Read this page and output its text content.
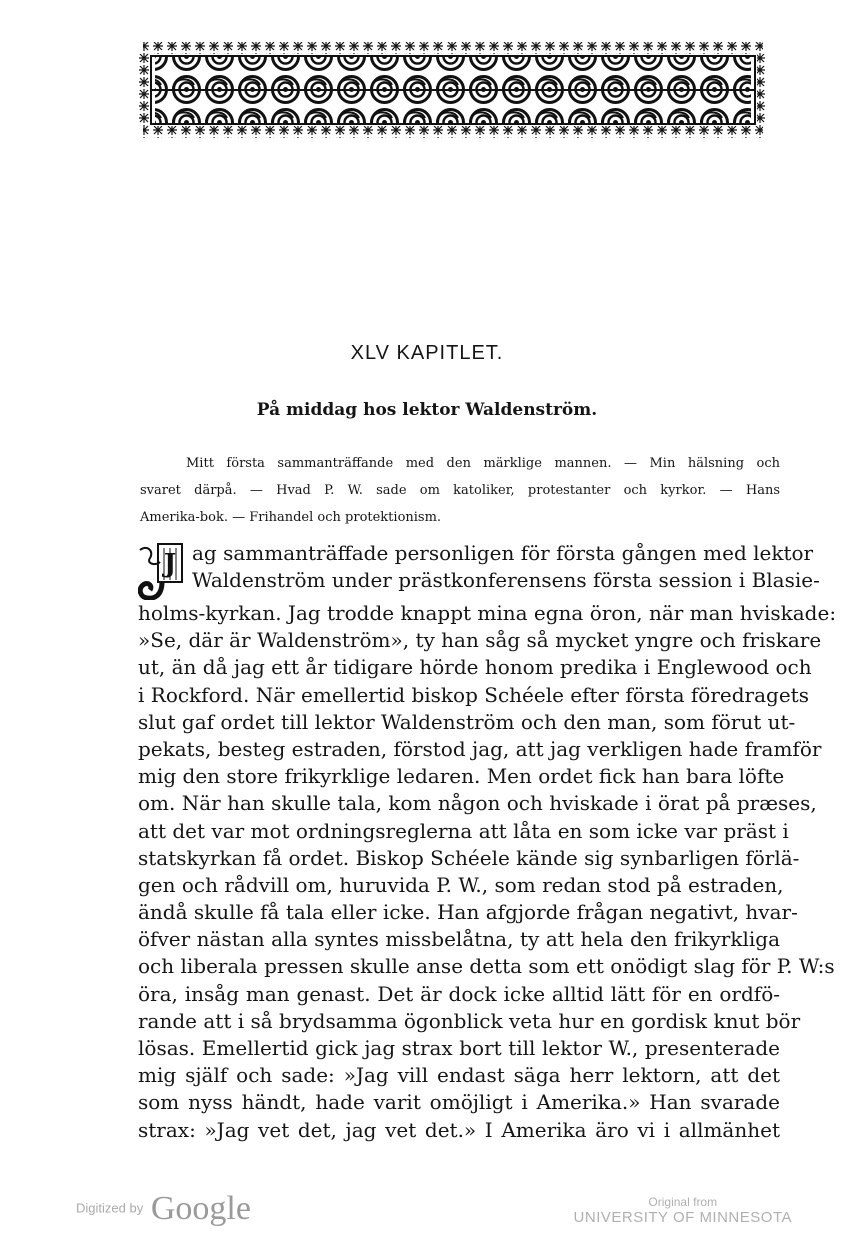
XLV KAPITLET.
På middag hos lektor Waldenström.
Mitt första sammanträffande med den märklige mannen. — Min hälsning och
svaret därpå. — Hvad P. W. sade om katoliker, protestanter och kyrkor. — Hans
Amerika-bok. — Frihandel och protektionism.
J ag sammanträffade personligen för första gången med lektor
Waldenström under prästkonferensens första session i Blasie-
holms-kyrkan. Jag trodde knappt mina egna öron, när man hviskade:
»Se, där är Waldenström», ty han såg så mycket yngre och friskare
ut, än då jag ett år tidigare hörde honom predika i Englewood och
i Rockford. När emellertid biskop Schéele efter första föredragets
slut gaf ordet till lektor Waldenström och den man, som förut ut-
pekats, besteg estraden, förstod jag, att jag verkligen hade framför
mig den store frikyrklige ledaren. Men ordet fick han bara löfte
om. När han skulle tala, kom någon och hviskade i örat på præses,
att det var mot ordningsreglerna att låta en som icke var präst i
statskyrkan få ordet. Biskop Schéele kände sig synbarligen förlä-
gen och rådvill om, huruvida P. W., som redan stod på estraden,
ändå skulle få tala eller icke. Han afgjorde frågan negativt, hvar-
öfver nästan alla syntes missbelåtna, ty att hela den frikyrkliga
och liberala pressen skulle anse detta som ett onödigt slag för P. W:s
öra, insåg man genast. Det är dock icke alltid lätt för en ordfö-
rande att i så brydsamma ögonblick veta hur en gordisk knut bör
lösas. Emellertid gick jag strax bort till lektor W., presenterade
mig själf och sade: »Jag vill endast säga herr lektorn, att det
som nyss händt, hade varit omöjligt i Amerika.» Han svarade
strax: »Jag vet det, jag vet det.» I Amerika äro vi i allmänhet
Digitized by Google	Original from
UNIVERSITY OF MINNESOTA
